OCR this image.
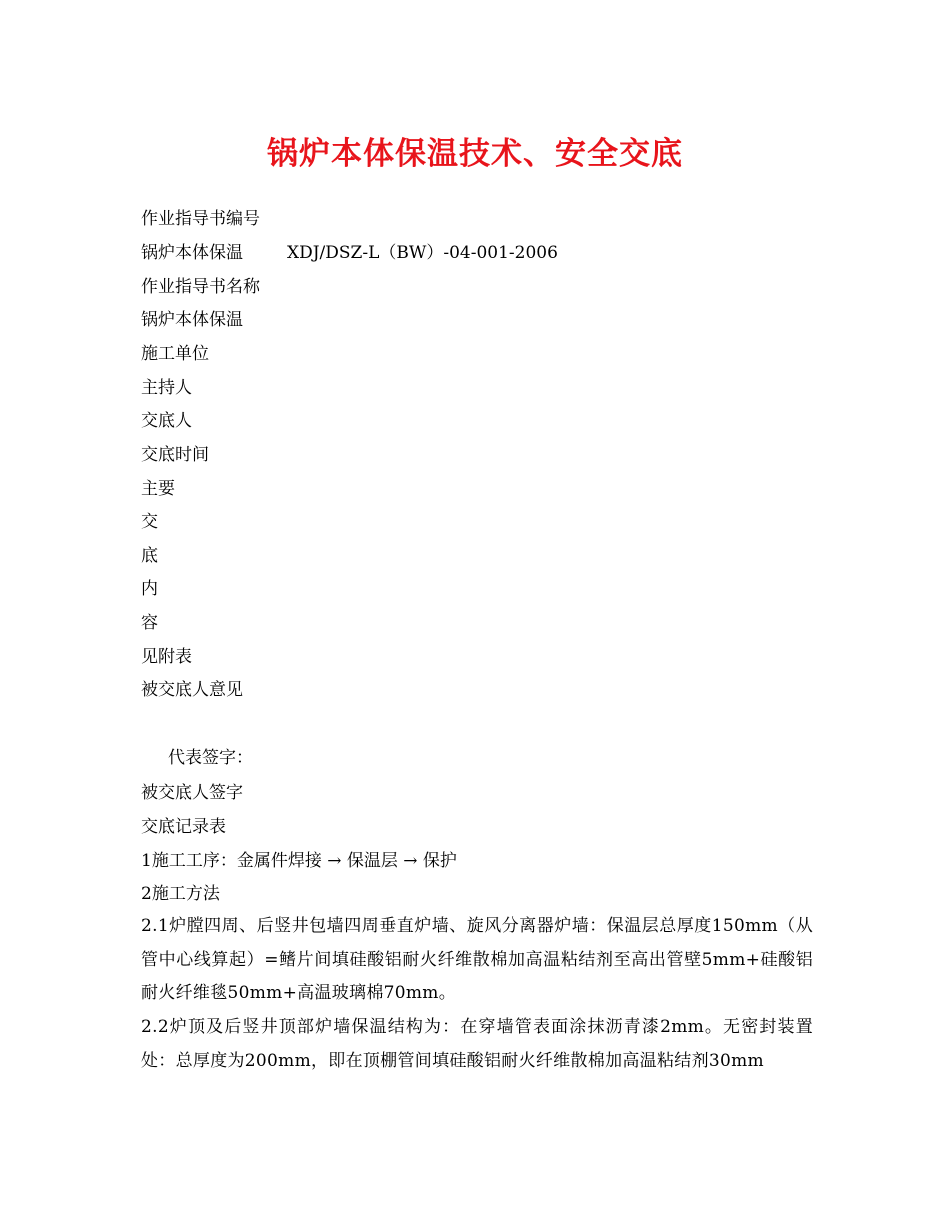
锅炉本体保温技术、安全交底
作业指导书编号
锅炉本体保温	XDJ/DSZ-L（BW）-04-001-2006
作业指导书名称
锅炉本体保温
施工单位
主持人
交底人
交底时间
主要
交
底
内
容
见附表
被交底人意见
代表签字：
被交底人签字
交底记录表
1施工工序：金属件焊接 → 保温层 → 保护
2施工方法
2.1炉膛四周、后竖井包墙四周垂直炉墙、旋风分离器炉墙：保温层总厚度150mm（从管中心线算起）=鳍片间填硅酸铝耐火纤维散棉加高温粘结剂至高出管壁5mm+硅酸铝耐火纤维毯50mm+高温玻璃棉70mm。
2.2炉顶及后竖井顶部炉墙保温结构为：在穿墙管表面涂抹沥青漆2mm。无密封装置处：总厚度为200mm，即在顶棚管间填硅酸铝耐火纤维散棉加高温粘结剂30mm
